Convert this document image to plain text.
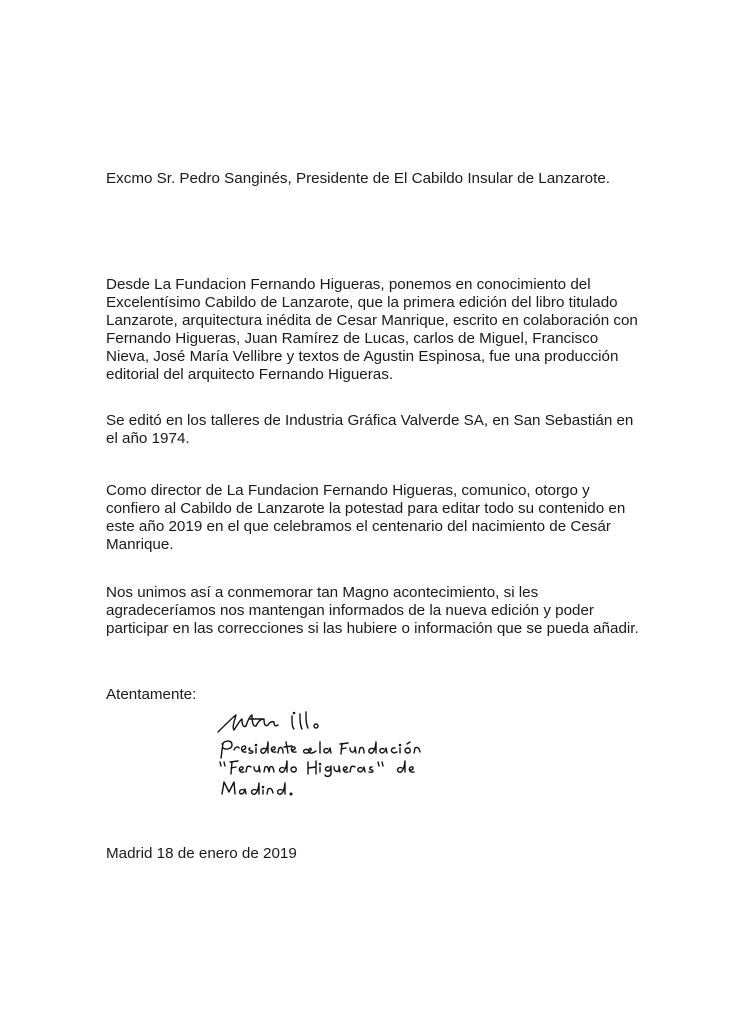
Excmo Sr. Pedro Sanginés, Presidente de El Cabildo Insular de Lanzarote.

Desde La Fundacion Fernando Higueras, ponemos en conocimiento del
Excelentísimo Cabildo de Lanzarote, que la primera edición del libro titulado
Lanzarote, arquitectura inédita de Cesar Manrique, escrito en colaboración con
Fernando Higueras, Juan Ramírez de Lucas, carlos de Miguel, Francisco
Nieva, José María Vellibre y textos de Agustin Espinosa, fue una producción
editorial del arquitecto Fernando Higueras.
Se editó en los talleres de Industria Gráfica Valverde SA, en San Sebastián en
el año 1974.
Como director de La Fundacion Fernando Higueras, comunico, otorgo y
confiero al Cabildo de Lanzarote la potestad para editar todo su contenido en
este año 2019 en el que celebramos el centenario del nacimiento de Cesár
Manrique.
Nos unimos así a conmemorar tan Magno acontecimiento, si les
agradeceríamos nos mantengan informados de la nueva edición y poder
participar en las correcciones si las hubiere o información que se pueda añadir.

Atentamente:

Madrid 18 de enero de 2019
